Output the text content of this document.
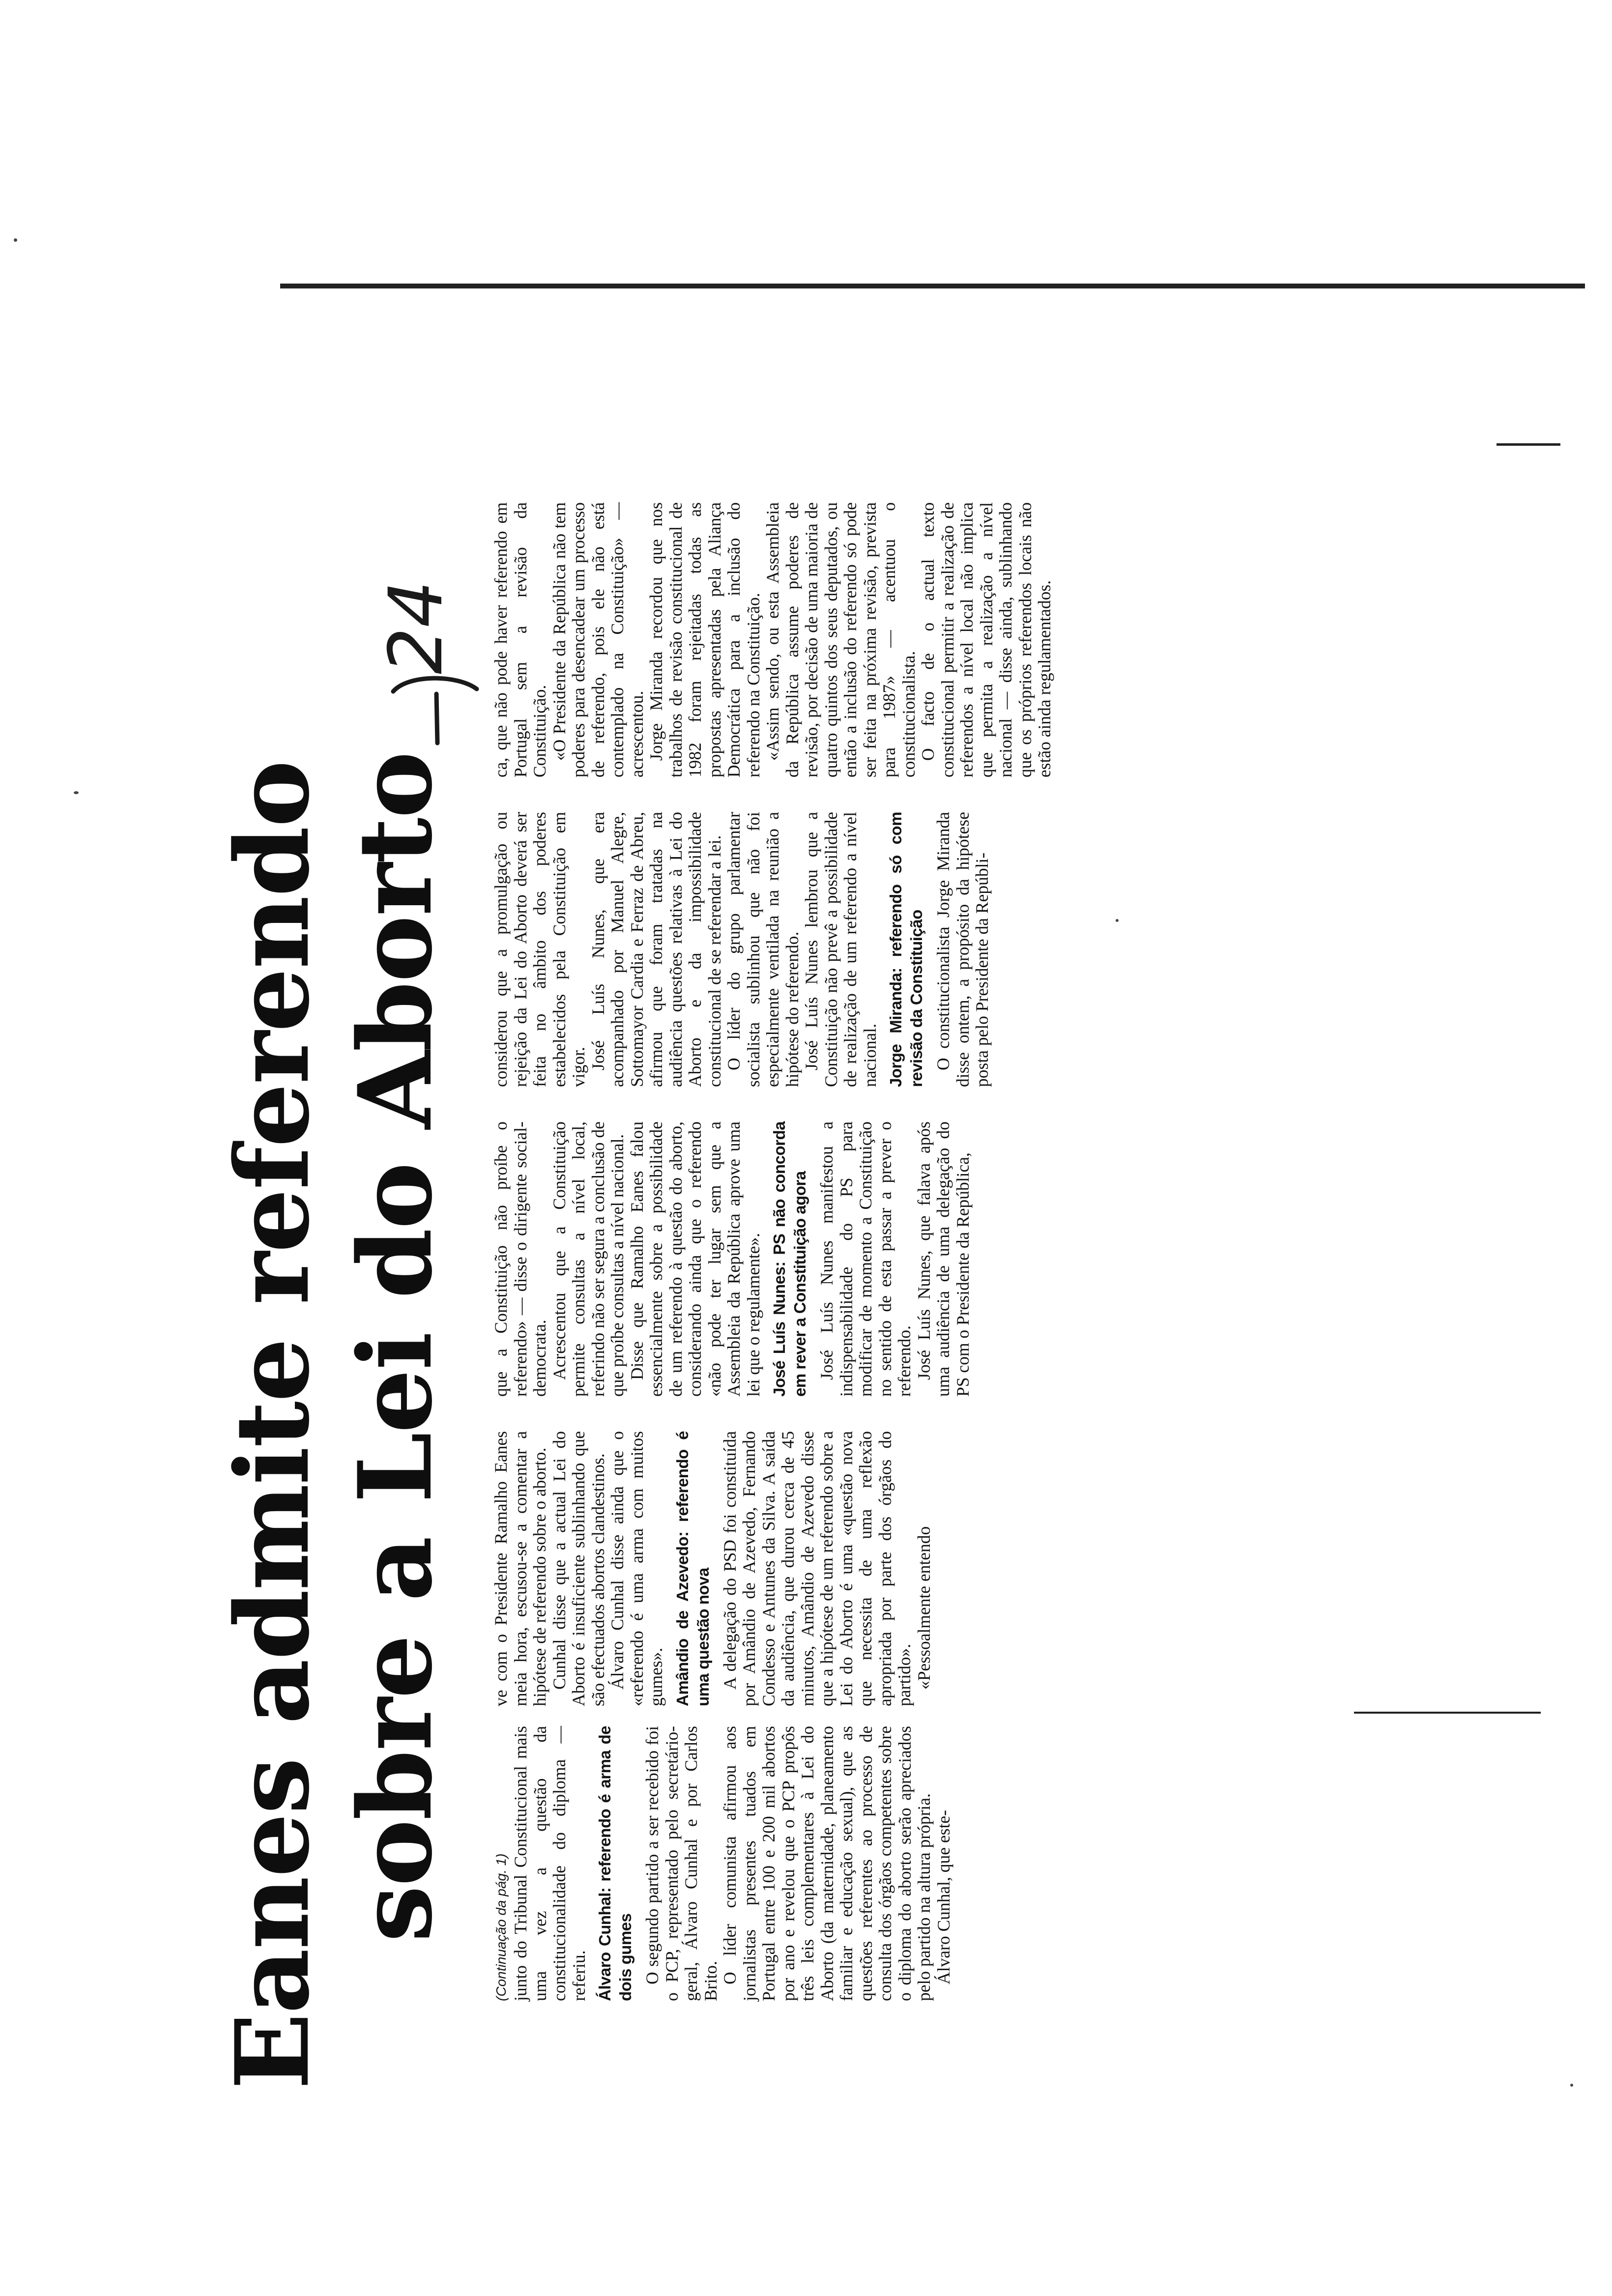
Eanes admite referendo sobre a Lei do Aborto
24
(Continuação da pág. 1) junto do Tribunal Constitucional mais uma vez a questão da constitucionalidade do diploma — referiu. Álvaro Cunhal: referendo é arma de dois gumes O segundo partido a ser recebido foi o PCP, representado pelo secretário-geral, Álvaro Cunhal e por Carlos Brito. O líder comunista afirmou aos jornalistas presentes tuados em Portugal entre 100 e 200 mil abortos por ano e revelou que o PCP propôs três leis complementares à Lei do Aborto (da maternidade, planeamento familiar e educação sexual), que as questões referentes ao processo de consulta dos órgãos competentes sobre o diploma do aborto serão apreciados pelo partido na altura própria. Álvaro Cunhal, que este-

ve com o Presidente Ramalho Eanes meia hora, escusou-se a comentar a hipótese de referendo sobre o aborto. Cunhal disse que a actual Lei do Aborto é insuficiente sublinhando que são efectuados abortos clandestinos. Álvaro Cunhal disse ainda que o «referendo é uma arma com muitos gumes». Amândio de Azevedo: referendo é uma questão nova A delegação do PSD foi constituída por Amândio de Azevedo, Fernando Condesso e Antunes da Silva. A saída da audiência, que durou cerca de 45 minutos, Amândio de Azevedo disse que a hipótese de um referendo sobre a Lei do Aborto é uma «questão nova que necessita de uma reflexão apropriada por parte dos órgãos do partido». «Pessoalmente entendo

que a Constituição não proíbe o referendo» — disse o dirigente social-democrata. Acrescentou que a Constituição permite consultas a nível local, referindo não ser segura a conclusão de que proíbe consultas a nível nacional. Disse que Ramalho Eanes falou essencialmente sobre a possibilidade de um referendo à questão do aborto, considerando ainda que o referendo «não pode ter lugar sem que a Assembleia da República aprove uma lei que o regulamente». José Luís Nunes: PS não concorda em rever a Constituição agora José Luís Nunes manifestou a indispensabilidade do PS para modificar de momento a Constituição no sentido de esta passar a prever o referendo. José Luís Nunes, que falava após uma audiência de uma delegação do PS com o Presidente da República,

considerou que a promulgação ou rejeição da Lei do Aborto deverá ser feita no âmbito dos poderes estabelecidos pela Constituição em vigor. José Luís Nunes, que era acompanhado por Manuel Alegre, Sottomayor Cardia e Ferraz de Abreu, afirmou que foram tratadas na audiência questões relativas à Lei do Aborto e da impossibilidade constitucional de se referendar a lei. O líder do grupo parlamentar socialista sublinhou que não foi especialmente ventilada na reunião a hipótese do referendo. José Luís Nunes lembrou que a Constituição não prevê a possibilidade de realização de um referendo a nível nacional. Jorge Miranda: referendo só com revisão da Constituição O constitucionalista Jorge Miranda disse ontem, a propósito da hipótese posta pelo Presidente da Repúbli-

ca, que não pode haver referendo em Portugal sem a revisão da Constituição. «O Presidente da República não tem poderes para desencadear um processo de referendo, pois ele não está contemplado na Constituição» — acrescentou. Jorge Miranda recordou que nos trabalhos de revisão constitucional de 1982 foram rejeitadas todas as propostas apresentadas pela Aliança Democrática para a inclusão do referendo na Constituição. «Assim sendo, ou esta Assembleia da República assume poderes de revisão, por decisão de uma maioria de quatro quintos dos seus deputados, ou então a inclusão do referendo só pode ser feita na próxima revisão, prevista para 1987» — acentuou o constitucionalista. O facto de o actual texto constitucional permitir a realização de referendos a nível local não implica que permita a realização a nível nacional — disse ainda, sublinhando que os próprios referendos locais não estão ainda regulamentados.
